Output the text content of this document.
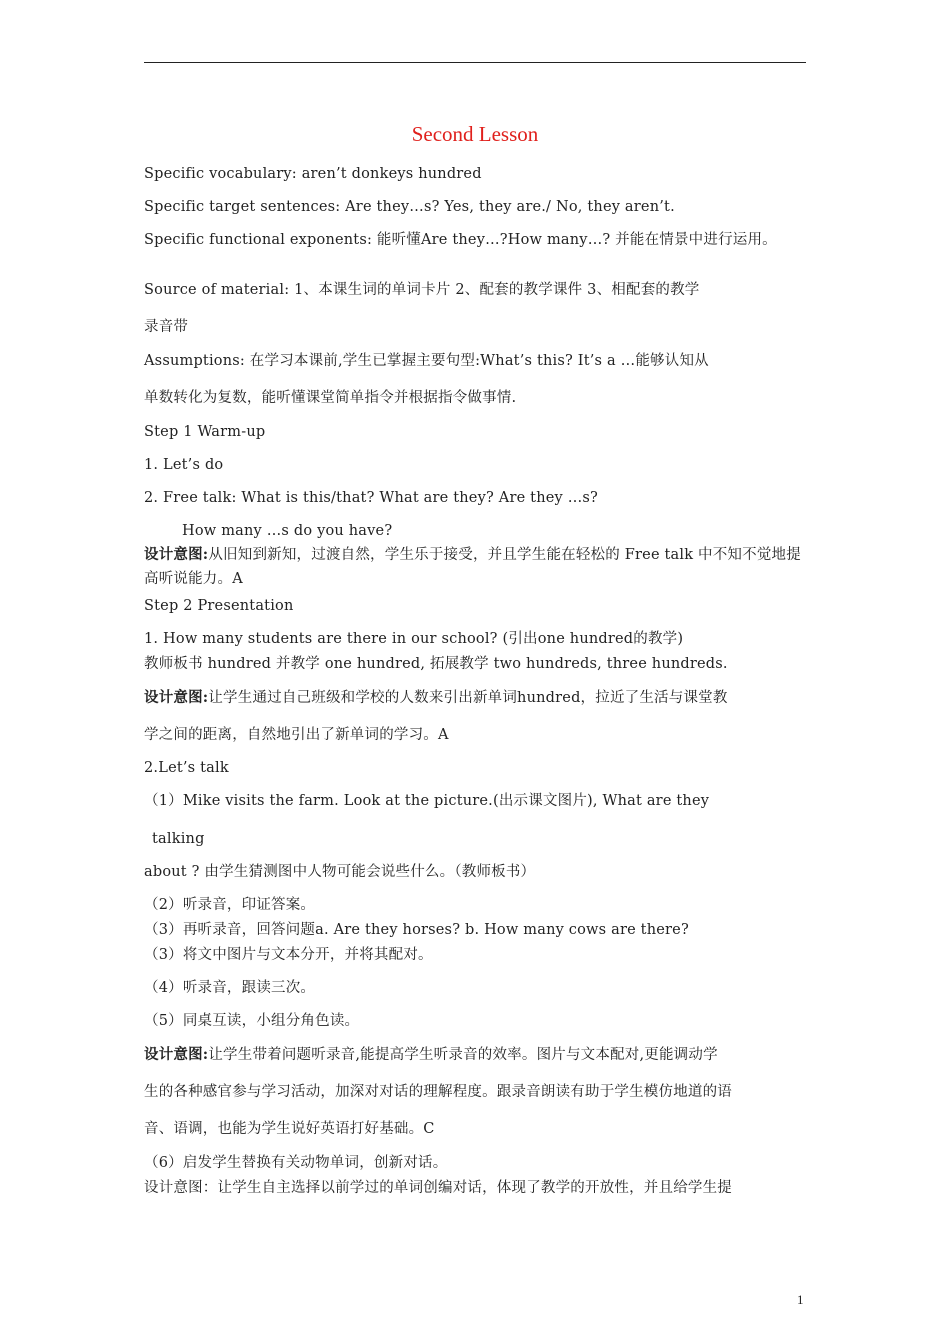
Second Lesson
Specific vocabulary: aren’t donkeys hundred
Specific target sentences: Are they…s? Yes, they are./ No, they aren’t.
Specific functional exponents: 能听懂Are they…?How many…? 并能在情景中进行运用。
Source of material: 1、本课生词的单词卡片 2、配套的教学课件 3、相配套的教学
录音带
Assumptions: 在学习本课前,学生已掌握主要句型:What’s this? It’s a …能够认知从
单数转化为复数，能听懂课堂简单指令并根据指令做事情.
Step 1 Warm-up
1. Let’s do
2. Free talk: What is this/that? What are they? Are they …s?
How many …s do you have?
设计意图:从旧知到新知，过渡自然，学生乐于接受，并且学生能在轻松的 Free talk 中不知不觉地提高听说能力。A
Step 2 Presentation
1. How many students are there in our school? (引出one hundred的教学)
教师板书 hundred 并教学 one hundred, 拓展教学 two hundreds, three hundreds.
设计意图:让学生通过自己班级和学校的人数来引出新单词hundred，拉近了生活与课堂教
学之间的距离，自然地引出了新单词的学习。A
2.Let’s talk
（1）Mike visits the farm. Look at the picture.(出示课文图片), What are they
talking
about ? 由学生猜测图中人物可能会说些什么。（教师板书）
（2）听录音，印证答案。
（3）再听录音，回答问题a. Are they horses? b. How many cows are there?
（3）将文中图片与文本分开，并将其配对。
（4）听录音，跟读三次。
（5）同桌互读，小组分角色读。
设计意图:让学生带着问题听录音,能提高学生听录音的效率。图片与文本配对,更能调动学
生的各种感官参与学习活动，加深对对话的理解程度。跟录音朗读有助于学生模仿地道的语
音、语调，也能为学生说好英语打好基础。C
（6）启发学生替换有关动物单词，创新对话。
设计意图：让学生自主选择以前学过的单词创编对话，体现了教学的开放性，并且给学生提
1
